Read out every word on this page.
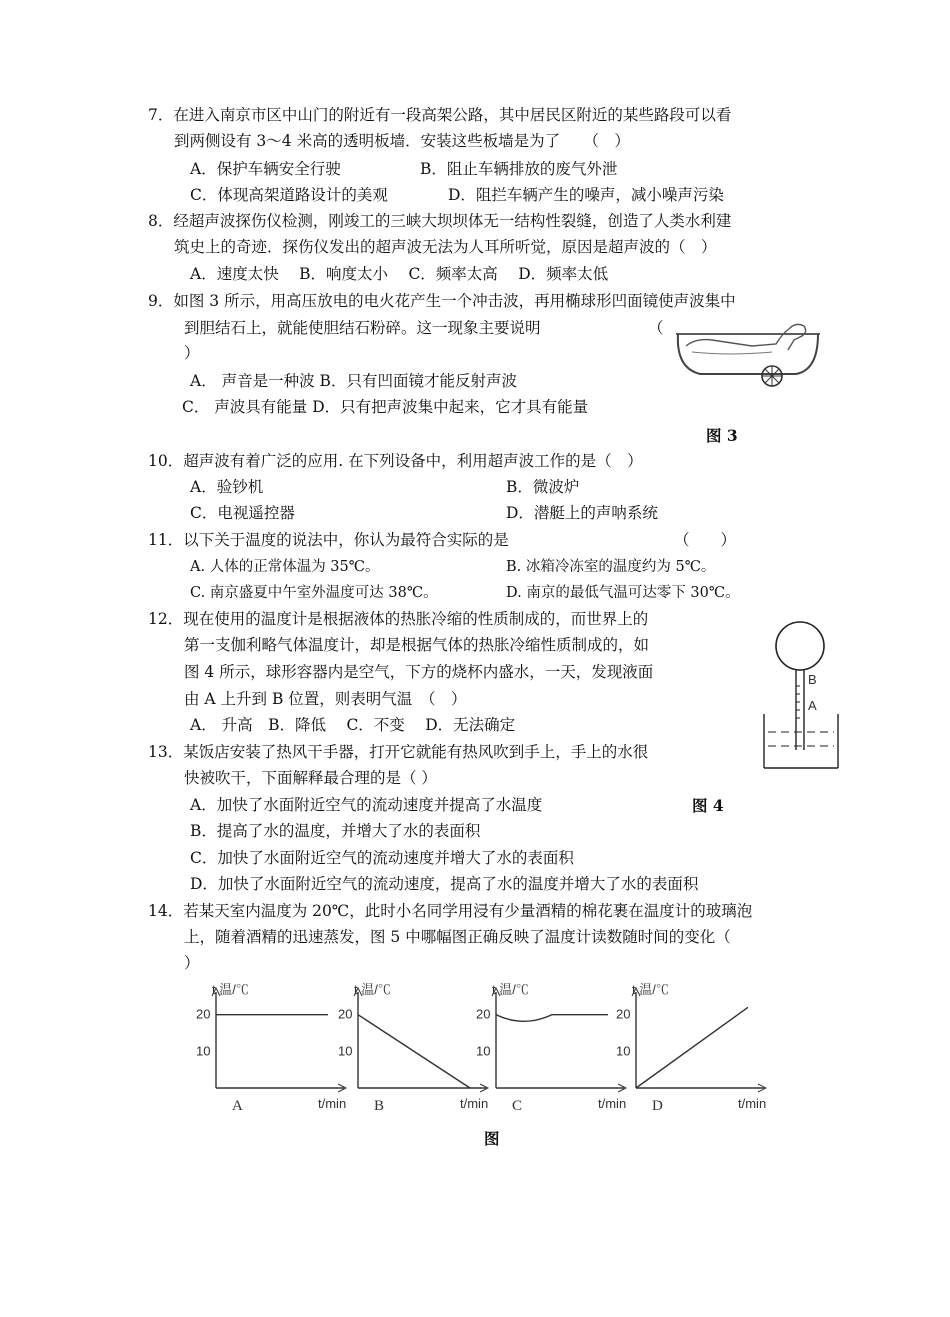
7．在进入南京市区中山门的附近有一段高架公路，其中居民区附近的某些路段可以看
到两侧设有 3～4 米高的透明板墙．安装这些板墙是为了　　（　）
A．保护车辆安全行驶	B．阻止车辆排放的废气外泄
C．体现高架道路设计的美观	D．阻拦车辆产生的噪声，减小噪声污染
8．经超声波探伤仪检测，刚竣工的三峡大坝坝体无一结构性裂缝，创造了人类水利建
筑史上的奇迹．探伤仪发出的超声波无法为人耳所听觉，原因是超声波的（　）
A．速度太快　 B．响度太小　 C．频率太高　 D．频率太低
9．如图 3 所示，用高压放电的电火花产生一个冲击波，再用椭球形凹面镜使声波集中
到胆结石上，就能使胆结石粉碎。这一现象主要说明	（
）
A． 声音是一种波 B．只有凹面镜才能反射声波
C． 声波具有能量 D．只有把声波集中起来，它才具有能量
图 3
10．超声波有着广泛的应用. 在下列设备中，利用超声波工作的是（　）
A．验钞机	B．微波炉
C．电视遥控器	D．潜艇上的声呐系统
11．以下关于温度的说法中，你认为最符合实际的是	（　　）
A. 人体的正常体温为 35℃。	B. 冰箱冷冻室的温度约为 5℃。
C. 南京盛夏中午室外温度可达 38℃。	D. 南京的最低气温可达零下 30℃。
12．现在使用的温度计是根据液体的热胀冷缩的性质制成的，而世界上的
第一支伽利略气体温度计，却是根据气体的热胀冷缩性质制成的，如
图 4 所示，球形容器内是空气，下方的烧杯内盛水，一天，发现液面
由 A 上升到 B 位置，则表明气温　（　）
A． 升高　B．降低　 C．不变　 D．无法确定
B
A
13．某饭店安装了热风干手器，打开它就能有热风吹到手上，手上的水很
快被吹干，下面解释最合理的是（ ）
A．加快了水面附近空气的流动速度并提高了水温度	图 4
B．提高了水的温度，并增大了水的表面积
C．加快了水面附近空气的流动速度并增大了水的表面积
D．加快了水面附近空气的流动速度，提高了水的温度并增大了水的表面积
14．若某天室内温度为 20℃，此时小名同学用浸有少量酒精的棉花裹在温度计的玻璃泡
上，随着酒精的迅速蒸发，图 5 中哪幅图正确反映了温度计读数随时间的变化（
）
t 温/℃
10
20
t/min
A
t 温/℃
10
20
t/min
B
t 温/℃
10
20
t/min
C
t 温/℃
10
20
t/min
D
图
